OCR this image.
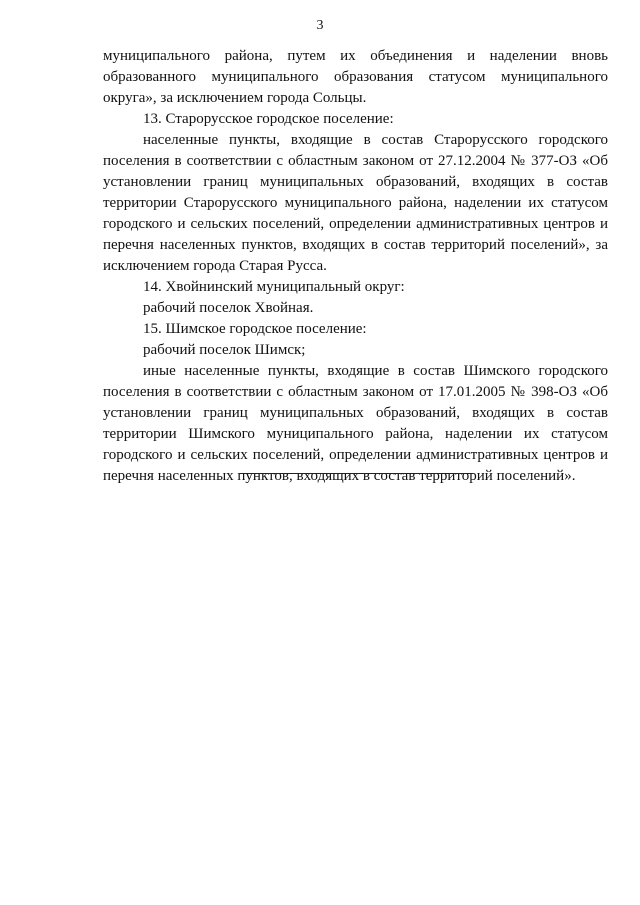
3

муниципального района, путем их объединения и наделении вновь образованного муниципального образования статусом муниципального округа», за исключением города Сольцы.

13. Старорусское городское поселение:

населенные пункты, входящие в состав Старорусского городского поселения в соответствии с областным законом от 27.12.2004 № 377-ОЗ «Об установлении границ муниципальных образований, входящих в состав территории Старорусского муниципального района, наделении их статусом городского и сельских поселений, определении административных центров и перечня населенных пунктов, входящих в состав территорий поселений», за исключением города Старая Русса.

14. Хвойнинский муниципальный округ:

рабочий поселок Хвойная.

15. Шимское городское поселение:

рабочий поселок Шимск;

иные населенные пункты, входящие в состав Шимского городского поселения в соответствии с областным законом от 17.01.2005 № 398-ОЗ «Об установлении границ муниципальных образований, входящих в состав территории Шимского муниципального района, наделении их статусом городского и сельских поселений, определении административных центров и перечня населенных пунктов, входящих в состав территорий поселений».
